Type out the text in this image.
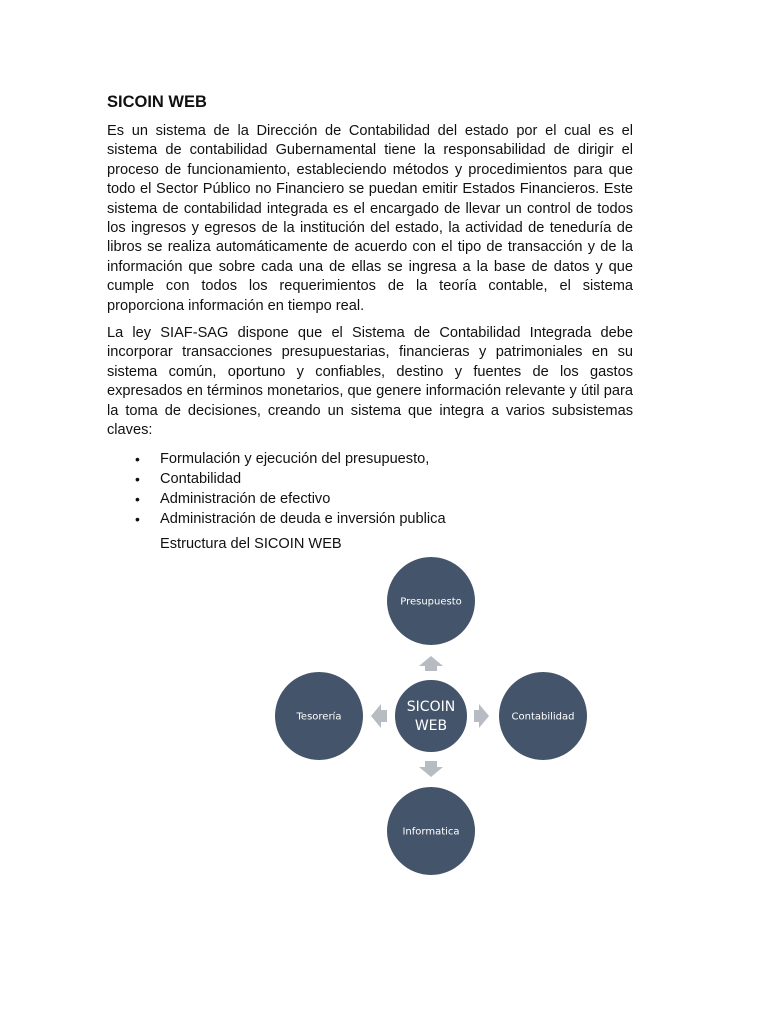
SICOIN WEB

Es un sistema de la Dirección de Contabilidad del estado por el cual es el sistema de contabilidad Gubernamental tiene la responsabilidad de dirigir el proceso de funcionamiento, estableciendo métodos y procedimientos para que todo el Sector Público no Financiero se puedan emitir Estados Financieros. Este sistema de contabilidad integrada es el encargado de llevar un control de todos los ingresos y egresos de la institución del estado, la actividad de teneduría de libros se realiza automáticamente de acuerdo con el tipo de transacción y de la información que sobre cada una de ellas se ingresa a la base de datos y que cumple con todos los requerimientos de la teoría contable, el sistema proporciona información en tiempo real.

La ley SIAF-SAG dispone que el Sistema de Contabilidad Integrada debe incorporar transacciones presupuestarias, financieras y patrimoniales en su sistema común, oportuno y confiables, destino y fuentes de los gastos expresados en términos monetarios, que genere información relevante y útil para la toma de decisiones, creando un sistema que integra a varios subsistemas claves:

• Formulación y ejecución del presupuesto,
• Contabilidad
• Administración de efectivo
• Administración de deuda e inversión publica
Estructura del SICOIN WEB
Presupuesto
Contabilidad
Informatica
Tesorería
SICOIN
WEB
